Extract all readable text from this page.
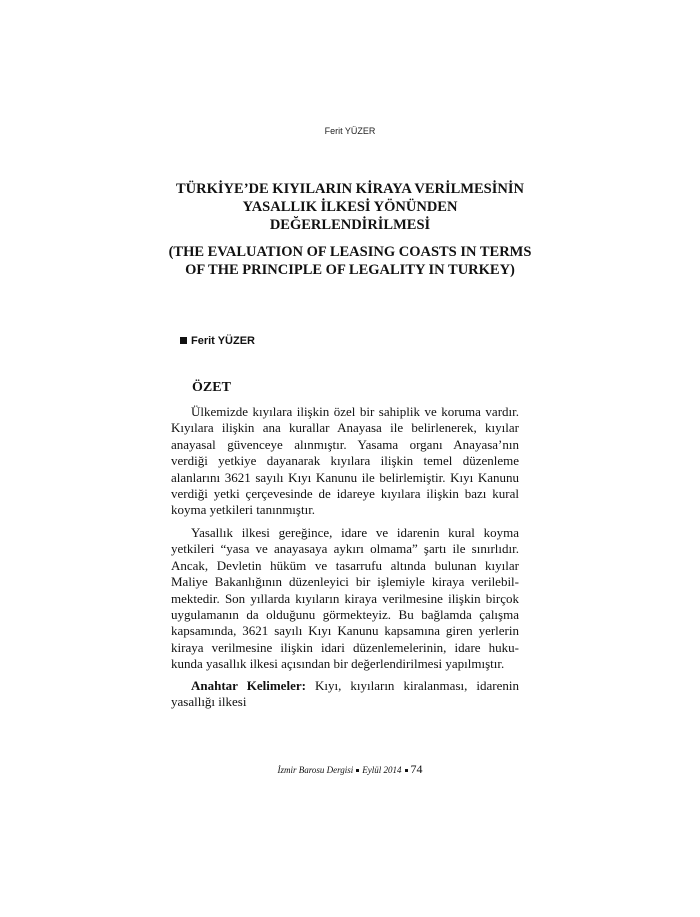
Ferit YÜZER
TÜRKİYE’DE KIYILARIN KİRAYA VERİLMESİNİN
YASALLIK İLKESİ YÖNÜNDEN
DEĞERLENDİRİLMESİ
(THE EVALUATION OF LEASING COASTS IN TERMS
OF THE PRINCIPLE OF LEGALITY IN TURKEY)
Ferit YÜZER
ÖZET
Ülkemizde kıyılara ilişkin özel bir sahiplik ve koruma vardır.
Kıyılara ilişkin ana kurallar Anayasa ile belirlenerek, kıyılar
anayasal güvenceye alınmıştır. Yasama organı Anayasa’nın
verdiği yetkiye dayanarak kıyılara ilişkin temel düzenleme
alanlarını 3621 sayılı Kıyı Kanunu ile belirlemiştir. Kıyı Kanunu
verdiği yetki çerçevesinde de idareye kıyılara ilişkin bazı kural
koyma yetkileri tanınmıştır.
Yasallık ilkesi gereğince, idare ve idarenin kural koyma
yetkileri “yasa ve anayasaya aykırı olmama” şartı ile sınırlıdır.
Ancak, Devletin hüküm ve tasarrufu altında bulunan kıyılar
Maliye Bakanlığının düzenleyici bir işlemiyle kiraya verilebil-
mektedir. Son yıllarda kıyıların kiraya verilmesine ilişkin birçok
uygulamanın da olduğunu görmekteyiz. Bu bağlamda çalışma
kapsamında, 3621 sayılı Kıyı Kanunu kapsamına giren yerlerin
kiraya verilmesine ilişkin idari düzenlemelerinin, idare huku-
kunda yasallık ilkesi açısından bir değerlendirilmesi yapılmıştır.
Anahtar Kelimeler: Kıyı, kıyıların kiralanması, idarenin
yasallığı ilkesi
İzmir Barosu Dergisi Eylül 2014 74
